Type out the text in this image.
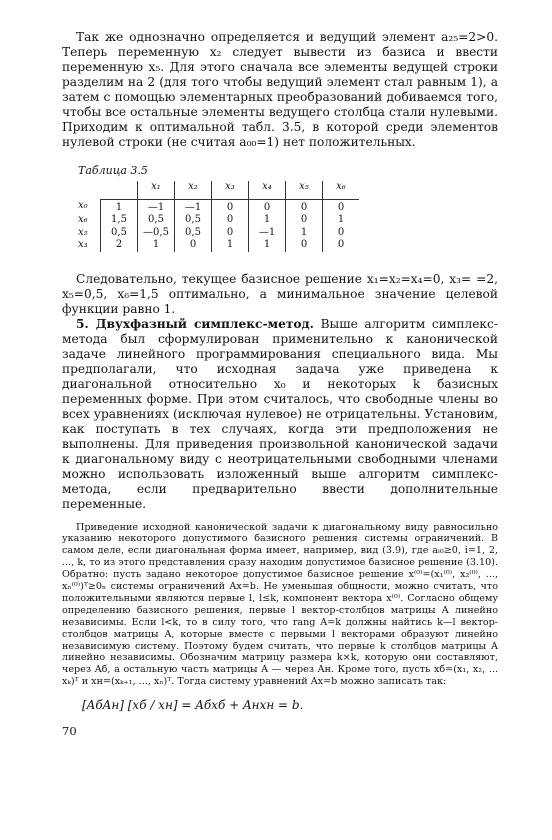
Так же однозначно определяется и ведущий элемент a₂₅=2>0. Теперь переменную x₂ следует вывести из базиса и ввести переменную x₅. Для этого сначала все элементы ведущей строки разделим на 2 (для того чтобы ведущий элемент стал равным 1), а затем с помощью элементарных преобразований добиваемся того, чтобы все остальные элементы ведущего столбца стали нулевыми. Приходим к оптимальной табл. 3.5, в которой среди элементов нулевой строки (не считая a₀₀=1) нет положительных.

Таблица 3.5
		x₁	x₂	x₃	x₄	x₅	x₆
x₀	1	—1	—1	0	0	0	0
x₆	1,5	0,5	0,5	0	1	0	1
x₅	0,5	—0,5	0,5	0	—1	1	0
x₃	2	1	0	1	1	0	0

Следовательно, текущее базисное решение x₁=x₂=x₄=0, x₃= =2, x₅=0,5, x₆=1,5 оптимально, а минимальное значение целевой функции равно 1.

5. Двухфазный симплекс-метод. Выше алгоритм симплекс-метода был сформулирован применительно к канонической задаче линейного программирования специального вида. Мы предполагали, что исходная задача уже приведена к диагональной относительно x₀ и некоторых k базисных переменных форме. При этом считалось, что свободные члены во всех уравнениях (исключая нулевое) не отрицательны. Установим, как поступать в тех случаях, когда эти предположения не выполнены. Для приведения произвольной канонической задачи к диагональному виду с неотрицательными свободными членами можно использовать изложенный выше алгоритм симплекс-метода, если предварительно ввести дополнительные переменные.

Приведение исходной канонической задачи к диагональному виду равносильно указанию некоторого допустимого базисного решения системы ограничений. В самом деле, если диагональная форма имеет, например, вид (3.9), где aᵢ₀≥0, i=1, 2, ..., k, то из этого представления сразу находим допустимое базисное решение (3.10). Обратно: пусть задано некоторое допустимое базисное решение x⁽⁰⁾=(x₁⁽⁰⁾, x₂⁽⁰⁾, ..., xₙ⁽⁰⁾)ᵀ≥0ₙ системы ограничений Ax=b. Не уменьшая общности, можно считать, что положительными являются первые l, l≤k, компонент вектора x⁽⁰⁾. Согласно общему определению базисного решения, первые l вектор-столбцов матрицы A линейно независимы. Если l<k, то в силу того, что rang A=k должны найтись k—l вектор-столбцов матрицы A, которые вместе с первыми l векторами образуют линейно независимую систему. Поэтому будем считать, что первые k столбцов матрицы A линейно независимы. Обозначим матрицу размера k×k, которую они составляют, через Aб, а остальную часть матрицы A — через Aн. Кроме того, пусть xб=(x₁, x₂, ... xₖ)ᵀ и xн=(xₖ₊₁, ..., xₙ)ᵀ. Тогда систему уравнений Ax=b можно записать так:

[AбAн] [xб / xн] = Aбxб + Aнxн = b.
70
